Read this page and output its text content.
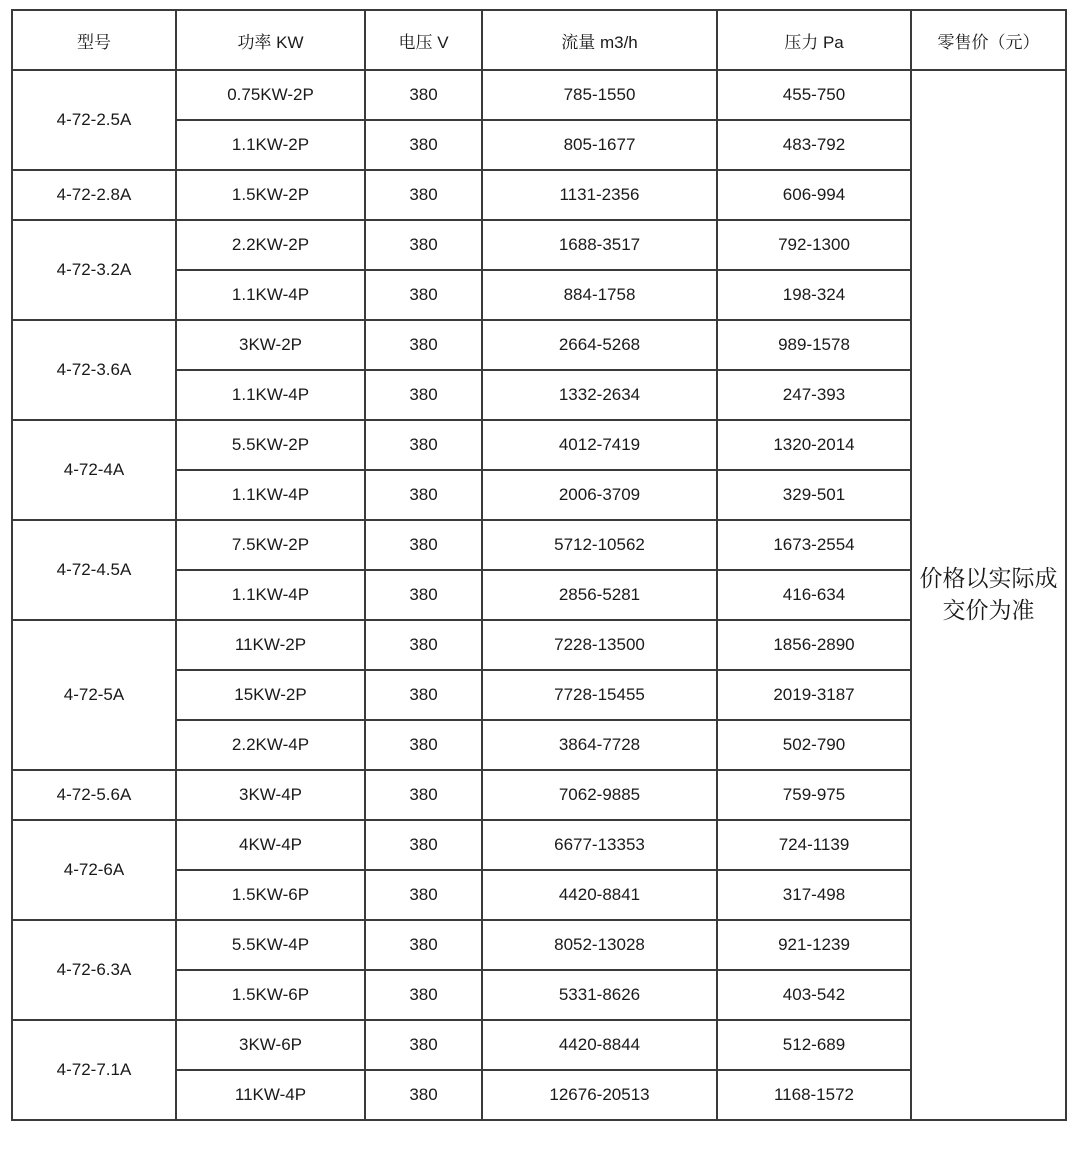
型号	功率 KW	电压 V	流量 m3/h	压力 Pa	零售价（元）
4-72-2.5A	0.75KW-2P	380	785-1550	455-750	价格以实际成交价为准
	1.1KW-2P	380	805-1677	483-792	
4-72-2.8A	1.5KW-2P	380	1131-2356	606-994	
4-72-3.2A	2.2KW-2P	380	1688-3517	792-1300	
	1.1KW-4P	380	884-1758	198-324	
4-72-3.6A	3KW-2P	380	2664-5268	989-1578	
	1.1KW-4P	380	1332-2634	247-393	
4-72-4A	5.5KW-2P	380	4012-7419	1320-2014	
	1.1KW-4P	380	2006-3709	329-501	
4-72-4.5A	7.5KW-2P	380	5712-10562	1673-2554	
	1.1KW-4P	380	2856-5281	416-634	
4-72-5A	11KW-2P	380	7228-13500	1856-2890	
	15KW-2P	380	7728-15455	2019-3187	
	2.2KW-4P	380	3864-7728	502-790	
4-72-5.6A	3KW-4P	380	7062-9885	759-975	
4-72-6A	4KW-4P	380	6677-13353	724-1139	
	1.5KW-6P	380	4420-8841	317-498	
4-72-6.3A	5.5KW-4P	380	8052-13028	921-1239	
	1.5KW-6P	380	5331-8626	403-542	
4-72-7.1A	3KW-6P	380	4420-8844	512-689	
	11KW-4P	380	12676-20513	1168-1572	
